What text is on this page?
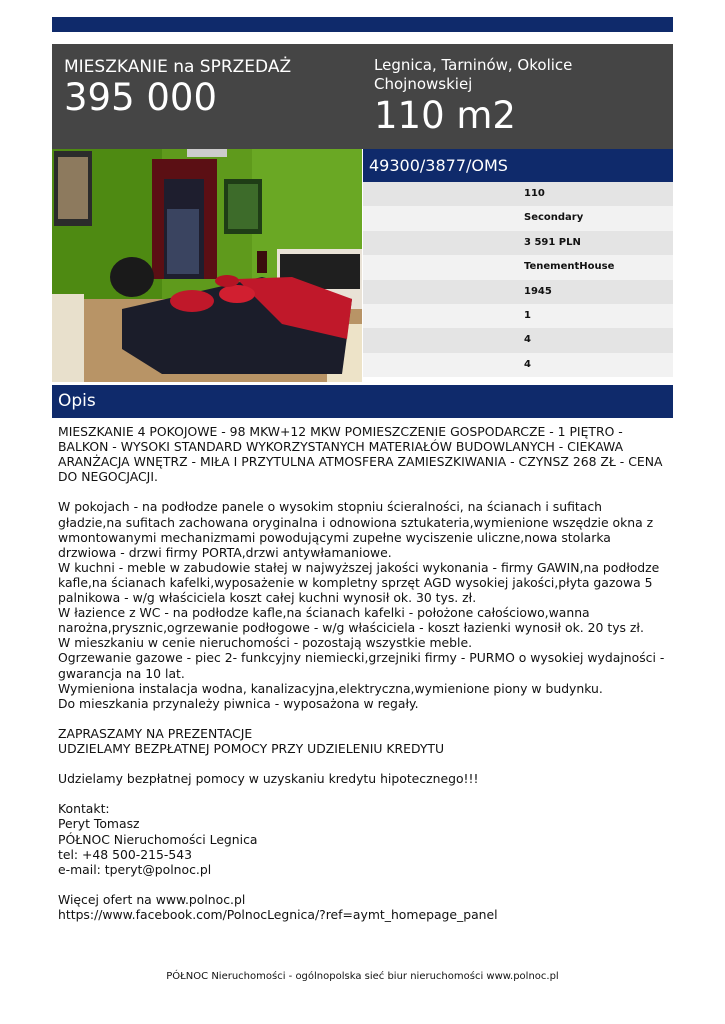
MIESZKANIE na SPRZEDAŻ
395 000
Legnica, Tarninów, Okolice Chojnowskiej
110 m2
49300/3877/OMS
110
Secondary
3 591 PLN
TenementHouse
1945
1
4
4
Opis

MIESZKANIE 4 POKOJOWE - 98 MKW+12 MKW POMIESZCZENIE GOSPODARCZE - 1 PIĘTRO - BALKON - WYSOKI STANDARD WYKORZYSTANYCH MATERIAŁÓW BUDOWLANYCH - CIEKAWA ARANŻACJA WNĘTRZ - MIŁA I PRZYTULNA ATMOSFERA ZAMIESZKIWANIA - CZYNSZ 268 ZŁ - CENA DO NEGOCJACJI.

W pokojach - na podłodze panele o wysokim stopniu ścieralności, na ścianach i sufitach gładzie,na sufitach zachowana oryginalna i odnowiona sztukateria,wymienione wszędzie okna z wmontowanymi mechanizmami powodującymi zupełne wyciszenie uliczne,nowa stolarka drzwiowa - drzwi firmy PORTA,drzwi antywłamaniowe.

W kuchni - meble w zabudowie stałej w najwyższej jakości wykonania - firmy GAWIN,na podłodze kafle,na ścianach kafelki,wyposażenie w kompletny sprzęt AGD wysokiej jakości,płyta gazowa 5 palnikowa - w/g właściciela koszt całej kuchni wynosił ok. 30 tys. zł.

W łazience z WC - na podłodze kafle,na ścianach kafelki - położone całościowo,wanna narożna,prysznic,ogrzewanie podłogowe - w/g właściciela - koszt łazienki wynosił ok. 20 tys zł.

W mieszkaniu w cenie nieruchomości - pozostają wszystkie meble.

Ogrzewanie gazowe - piec 2- funkcyjny niemiecki,grzejniki firmy - PURMO o wysokiej wydajności - gwarancja na 10 lat.

Wymieniona instalacja wodna, kanalizacyjna,elektryczna,wymienione piony w budynku.

Do mieszkania przynależy piwnica - wyposażona w regały.

ZAPRASZAMY NA PREZENTACJE

UDZIELAMY BEZPŁATNEJ POMOCY PRZY UDZIELENIU KREDYTU

Udzielamy bezpłatnej pomocy w uzyskaniu kredytu hipotecznego!!!

Kontakt:

Peryt Tomasz

PÓŁNOC Nieruchomości Legnica

tel: +48 500-215-543

e-mail: tperyt@polnoc.pl

Więcej ofert na www.polnoc.pl

https://www.facebook.com/PolnocLegnica/?ref=aymt_homepage_panel

PÓŁNOC Nieruchomości - ogólnopolska sieć biur nieruchomości www.polnoc.pl
